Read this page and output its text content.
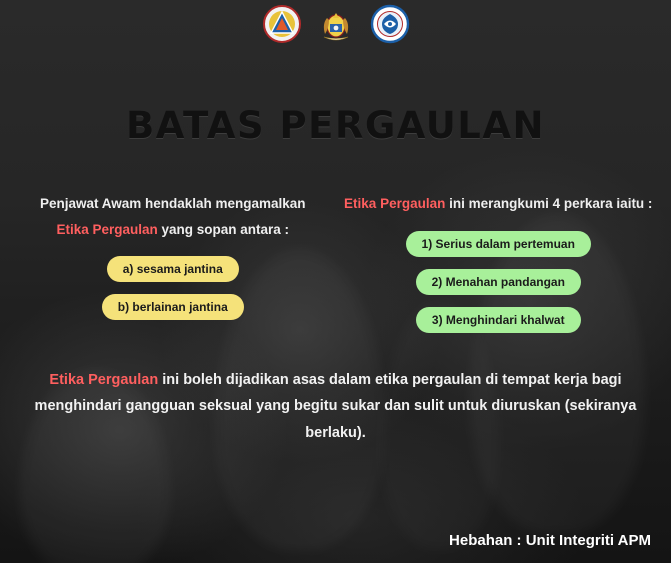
BATAS PERGAULAN
Penjawat Awam hendaklah mengamalkan
Etika Pergaulan yang sopan antara :
a) sesama jantina
b) berlainan jantina
Etika Pergaulan ini merangkumi 4 perkara iaitu :
1) Serius dalam pertemuan
2) Menahan pandangan
3) Menghindari khalwat
Etika Pergaulan ini boleh dijadikan asas dalam etika pergaulan di tempat kerja bagi menghindari gangguan seksual yang begitu sukar dan sulit untuk diuruskan (sekiranya berlaku).
Hebahan : Unit Integriti APM
